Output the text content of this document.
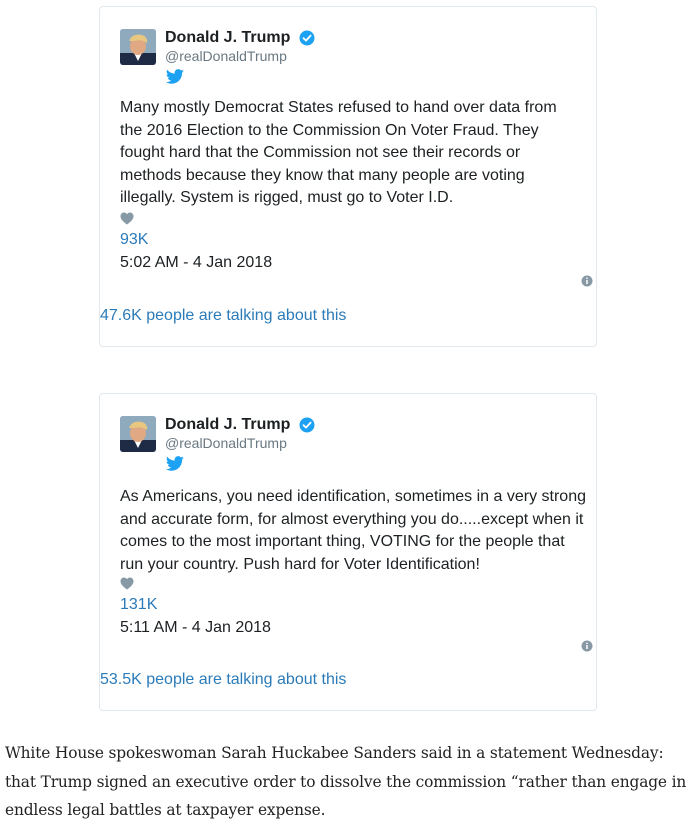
Donald J. Trump
@realDonaldTrump

Many mostly Democrat States refused to hand over data from the 2016 Election to the Commission On Voter Fraud. They fought hard that the Commission not see their records or methods because they know that many people are voting illegally. System is rigged, must go to Voter I.D.

93K
5:02 AM - 4 Jan 2018
47.6K people are talking about this
Donald J. Trump
@realDonaldTrump

As Americans, you need identification, sometimes in a very strong and accurate form, for almost everything you do.....except when it comes to the most important thing, VOTING for the people that run your country. Push hard for Voter Identification!

131K
5:11 AM - 4 Jan 2018
53.5K people are talking about this

White House spokeswoman Sarah Huckabee Sanders said in a statement Wednesday: that Trump signed an executive order to dissolve the commission “rather than engage in endless legal battles at taxpayer expense.
